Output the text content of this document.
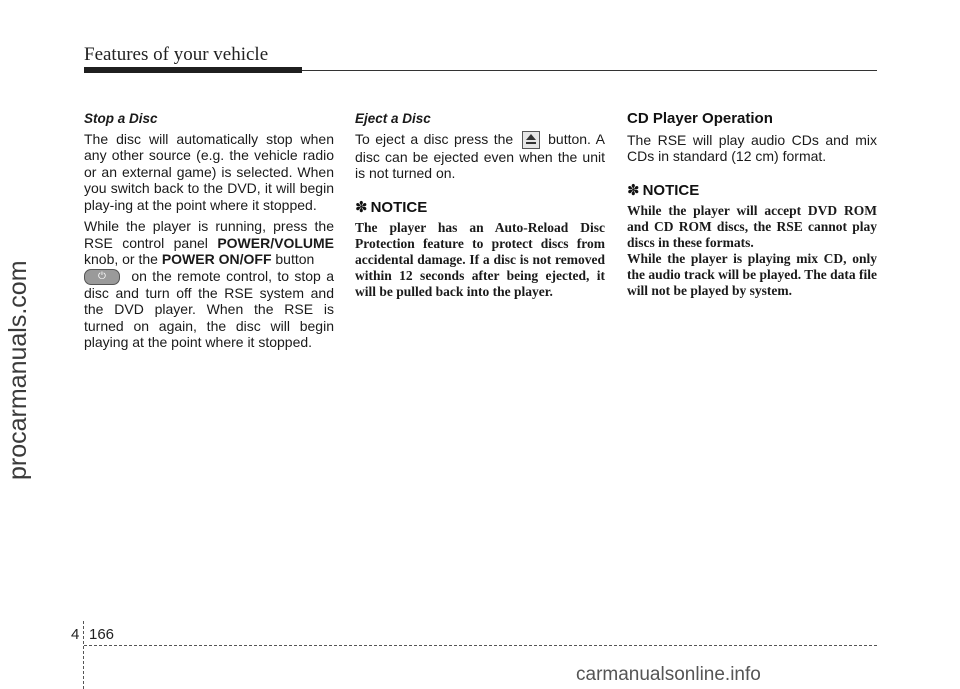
Features of your vehicle
procarmanuals.com
Stop a Disc

The disc will automatically stop when any other source (e.g. the vehicle radio or an external game) is selected. When you switch back to the DVD, it will begin play-ing at the point where it stopped.

While the player is running, press the RSE control panel POWER/VOLUME knob, or the POWER ON/OFF button

⏻	on the remote control, to stop a disc and turn off the RSE system and the DVD player. When the RSE is turned on again, the disc will begin playing at the point where it stopped.

Eject a Disc

To eject a disc press the
button. A disc can be ejected even when the unit is not turned on.

✽ NOTICE

The player has an Auto-Reload Disc Protection feature to protect discs from accidental damage. If a disc is not removed within 12 seconds after being ejected, it will be pulled back into the player.

CD Player Operation

The RSE will play audio CDs and mix CDs in standard (12 cm) format.

✽ NOTICE

While the player will accept DVD ROM and CD ROM discs, the RSE cannot play discs in these formats.

While the player is playing mix CD, only the audio track will be played. The data file will not be played by system.

4 166
carmanualsonline.info
